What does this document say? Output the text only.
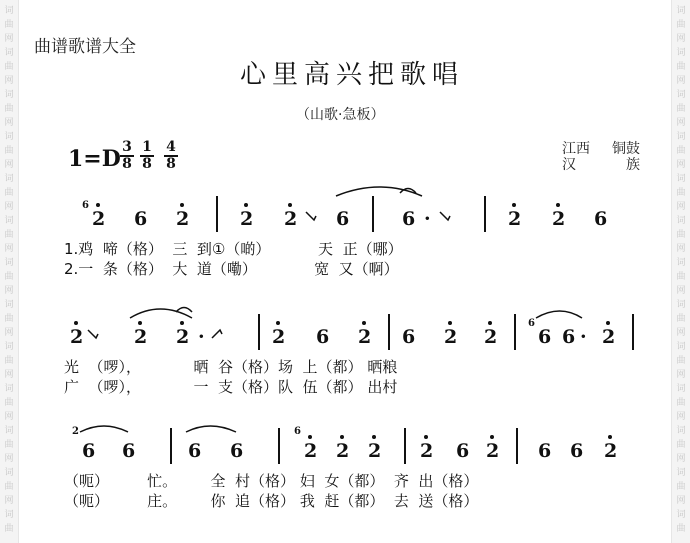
词	词
曲	曲
网	网
词	词
曲	曲
网	网
词	词
曲	曲
网	网
词	词
曲	曲
网	网
词	词
曲	曲
网	网
词	词
曲	曲
网	网
词	词
曲	曲
网	网
词	词
曲	曲
网	网
词	词
曲	曲
网	网
词	词
曲	曲
网	网
词	词
曲	曲
网	网
词	词
曲	曲
网	网
词	词
曲	曲
曲谱歌谱大全
心里高兴把歌唱
（山歌·急板）
$1=D \frac{3}{8} \frac{1}{8} \frac{4}{8}$	江西 铜鼓
汉	族
6
2 6 2	2 2 6	6 ·	2 2 6
1.鸡  啼（格）  三  到①（啲）          天  正（哪）
2.一  条（格）  大  道（嘞）            宽  又（啊）
2	2 2 ·	2 6 2 6 2 2
6
6 6 · 2
光  （啰），           晒  谷（格）场  上（都） 晒粮
广  （啰），           一  支（格）队  伍（都） 出村
2
6 6	6 6
6
2 2 2 2 6 2 6 6 2
（呃）        忙。       全  村（格） 妇  女（都）  齐  出（格）
（呃）        庄。       你  追（格） 我  赶（都）  去  送（格）
